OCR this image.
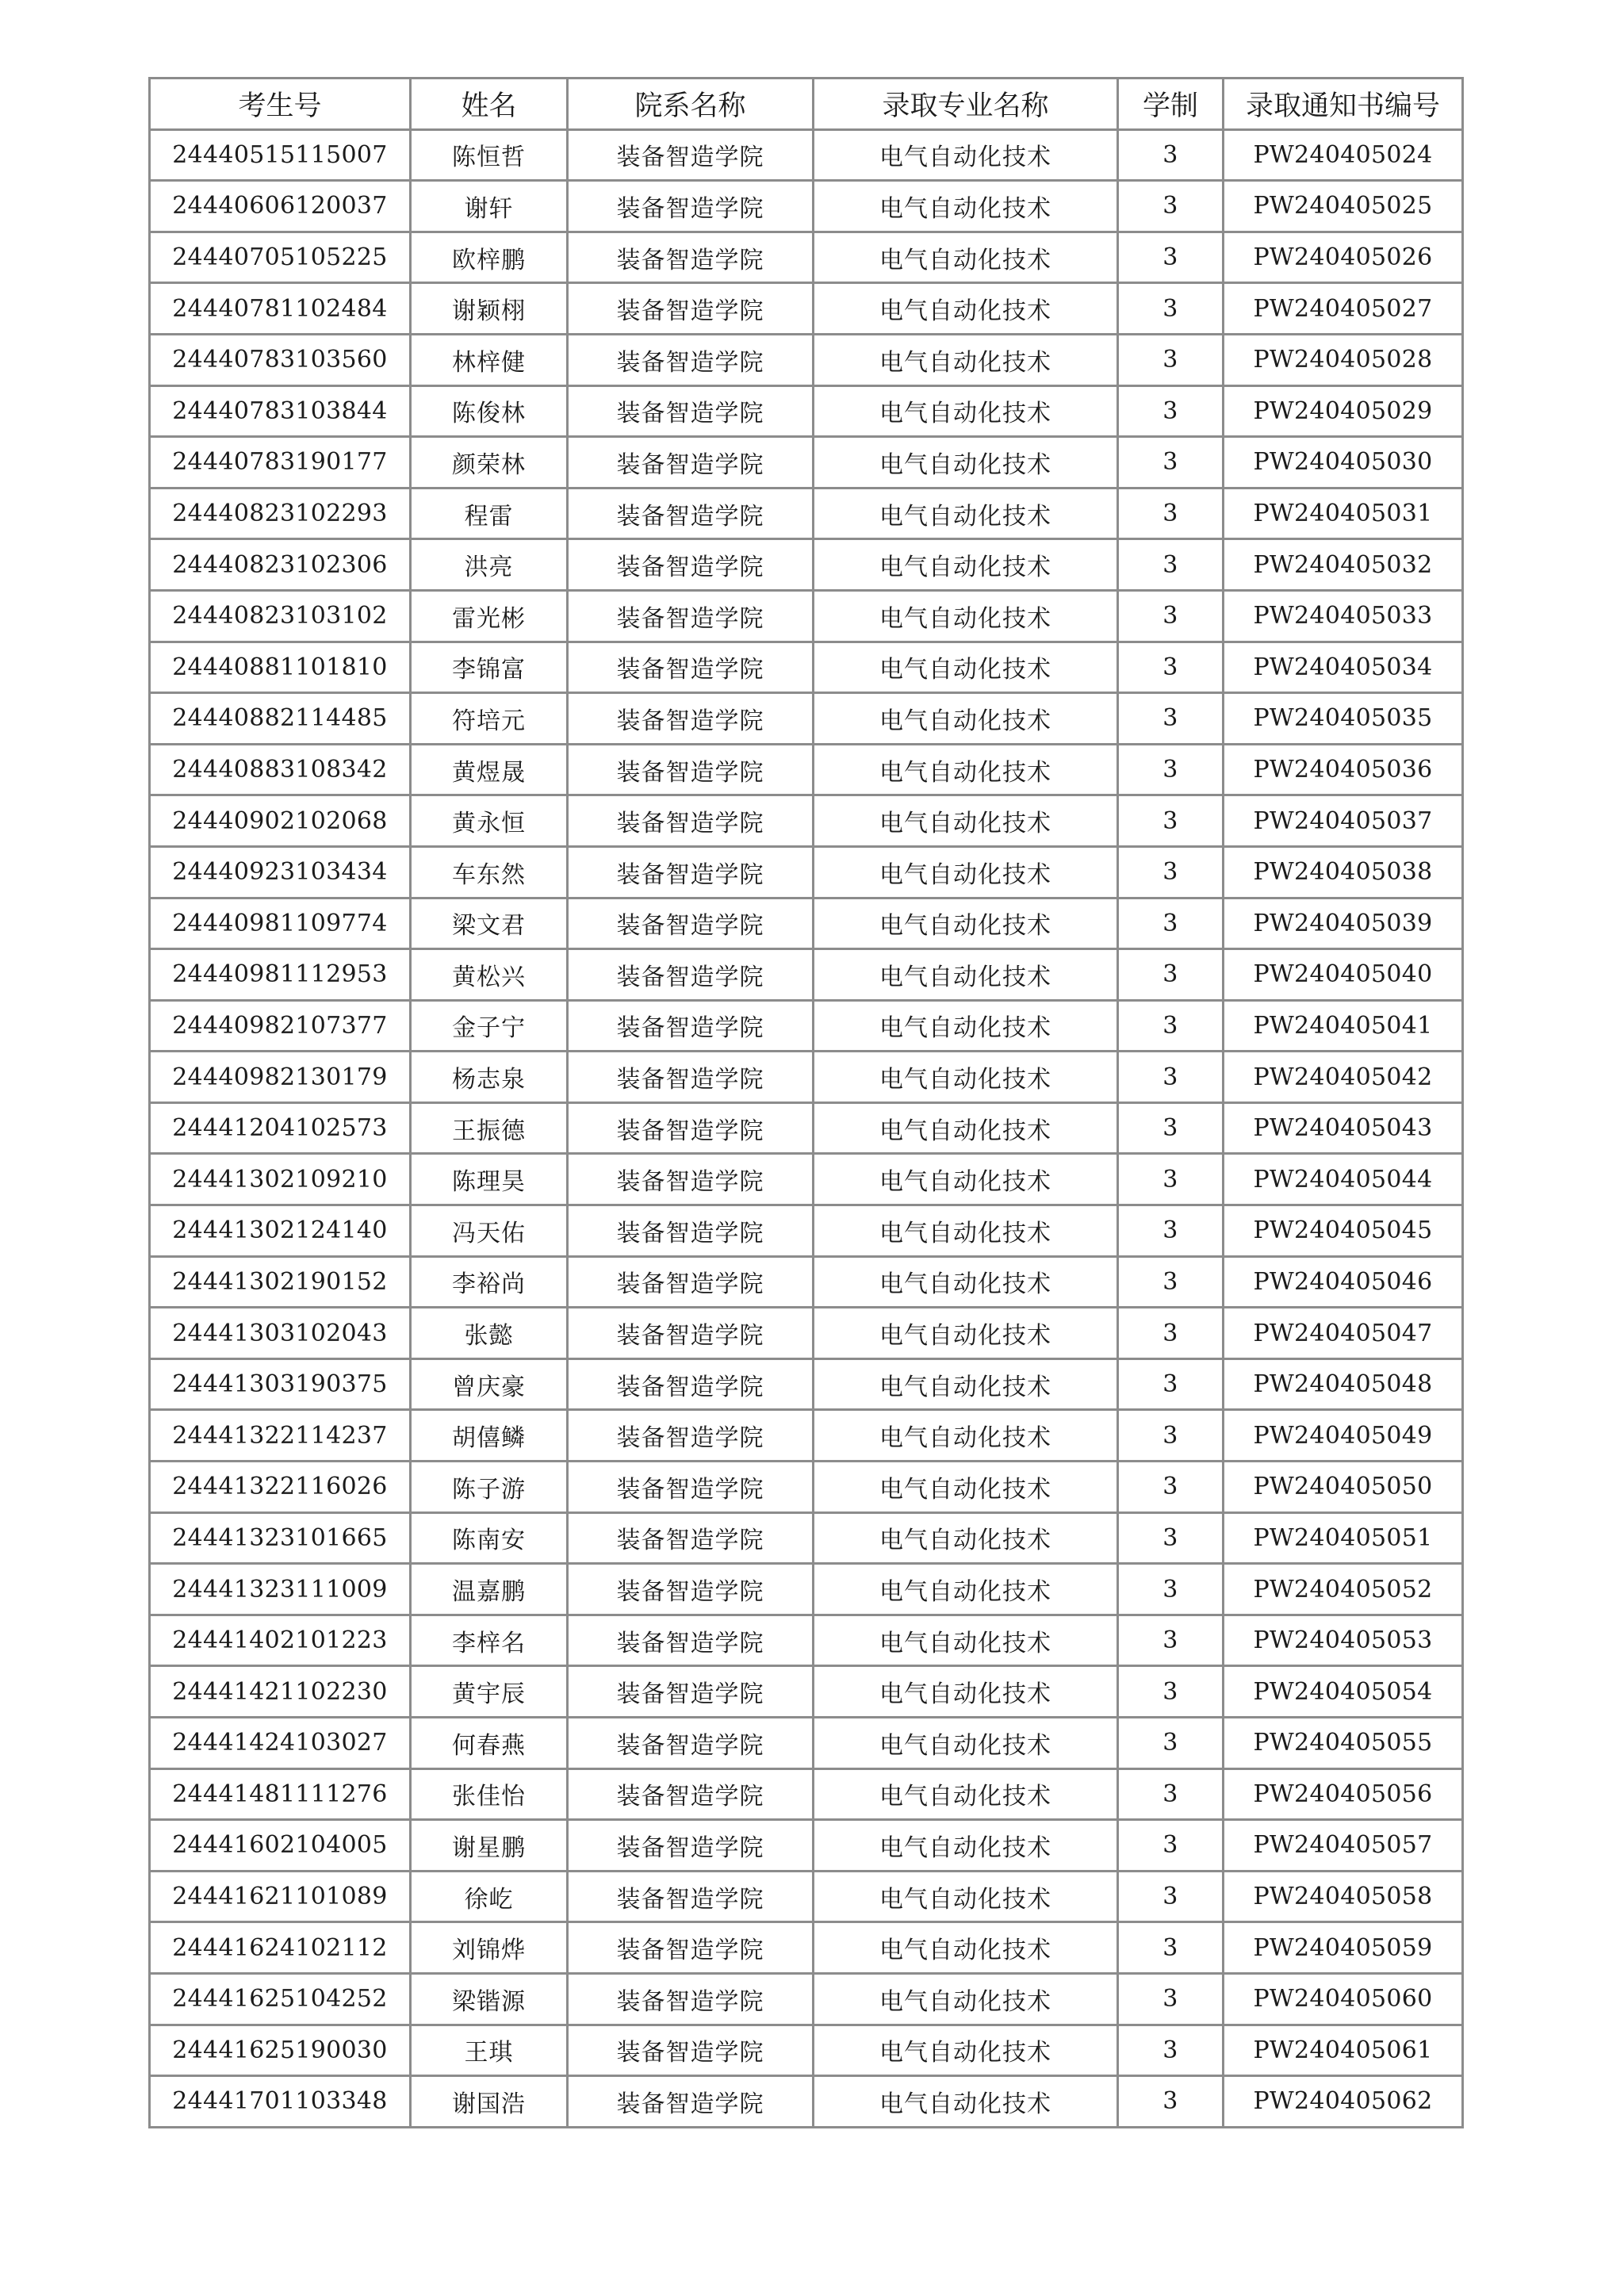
考生号	姓名	院系名称	录取专业名称	学制	录取通知书编号
24440515115007	陈恒哲	装备智造学院	电气自动化技术	3	PW240405024
24440606120037	谢轩	装备智造学院	电气自动化技术	3	PW240405025
24440705105225	欧梓鹏	装备智造学院	电气自动化技术	3	PW240405026
24440781102484	谢颖栩	装备智造学院	电气自动化技术	3	PW240405027
24440783103560	林梓健	装备智造学院	电气自动化技术	3	PW240405028
24440783103844	陈俊林	装备智造学院	电气自动化技术	3	PW240405029
24440783190177	颜荣林	装备智造学院	电气自动化技术	3	PW240405030
24440823102293	程雷	装备智造学院	电气自动化技术	3	PW240405031
24440823102306	洪亮	装备智造学院	电气自动化技术	3	PW240405032
24440823103102	雷光彬	装备智造学院	电气自动化技术	3	PW240405033
24440881101810	李锦富	装备智造学院	电气自动化技术	3	PW240405034
24440882114485	符培元	装备智造学院	电气自动化技术	3	PW240405035
24440883108342	黄煜晟	装备智造学院	电气自动化技术	3	PW240405036
24440902102068	黄永恒	装备智造学院	电气自动化技术	3	PW240405037
24440923103434	车东然	装备智造学院	电气自动化技术	3	PW240405038
24440981109774	梁文君	装备智造学院	电气自动化技术	3	PW240405039
24440981112953	黄松兴	装备智造学院	电气自动化技术	3	PW240405040
24440982107377	金子宁	装备智造学院	电气自动化技术	3	PW240405041
24440982130179	杨志泉	装备智造学院	电气自动化技术	3	PW240405042
24441204102573	王振德	装备智造学院	电气自动化技术	3	PW240405043
24441302109210	陈理昊	装备智造学院	电气自动化技术	3	PW240405044
24441302124140	冯天佑	装备智造学院	电气自动化技术	3	PW240405045
24441302190152	李裕尚	装备智造学院	电气自动化技术	3	PW240405046
24441303102043	张懿	装备智造学院	电气自动化技术	3	PW240405047
24441303190375	曾庆豪	装备智造学院	电气自动化技术	3	PW240405048
24441322114237	胡僖鳞	装备智造学院	电气自动化技术	3	PW240405049
24441322116026	陈子游	装备智造学院	电气自动化技术	3	PW240405050
24441323101665	陈南安	装备智造学院	电气自动化技术	3	PW240405051
24441323111009	温嘉鹏	装备智造学院	电气自动化技术	3	PW240405052
24441402101223	李梓名	装备智造学院	电气自动化技术	3	PW240405053
24441421102230	黄宇辰	装备智造学院	电气自动化技术	3	PW240405054
24441424103027	何春燕	装备智造学院	电气自动化技术	3	PW240405055
24441481111276	张佳怡	装备智造学院	电气自动化技术	3	PW240405056
24441602104005	谢星鹏	装备智造学院	电气自动化技术	3	PW240405057
24441621101089	徐屹	装备智造学院	电气自动化技术	3	PW240405058
24441624102112	刘锦烨	装备智造学院	电气自动化技术	3	PW240405059
24441625104252	梁锴源	装备智造学院	电气自动化技术	3	PW240405060
24441625190030	王琪	装备智造学院	电气自动化技术	3	PW240405061
24441701103348	谢国浩	装备智造学院	电气自动化技术	3	PW240405062
